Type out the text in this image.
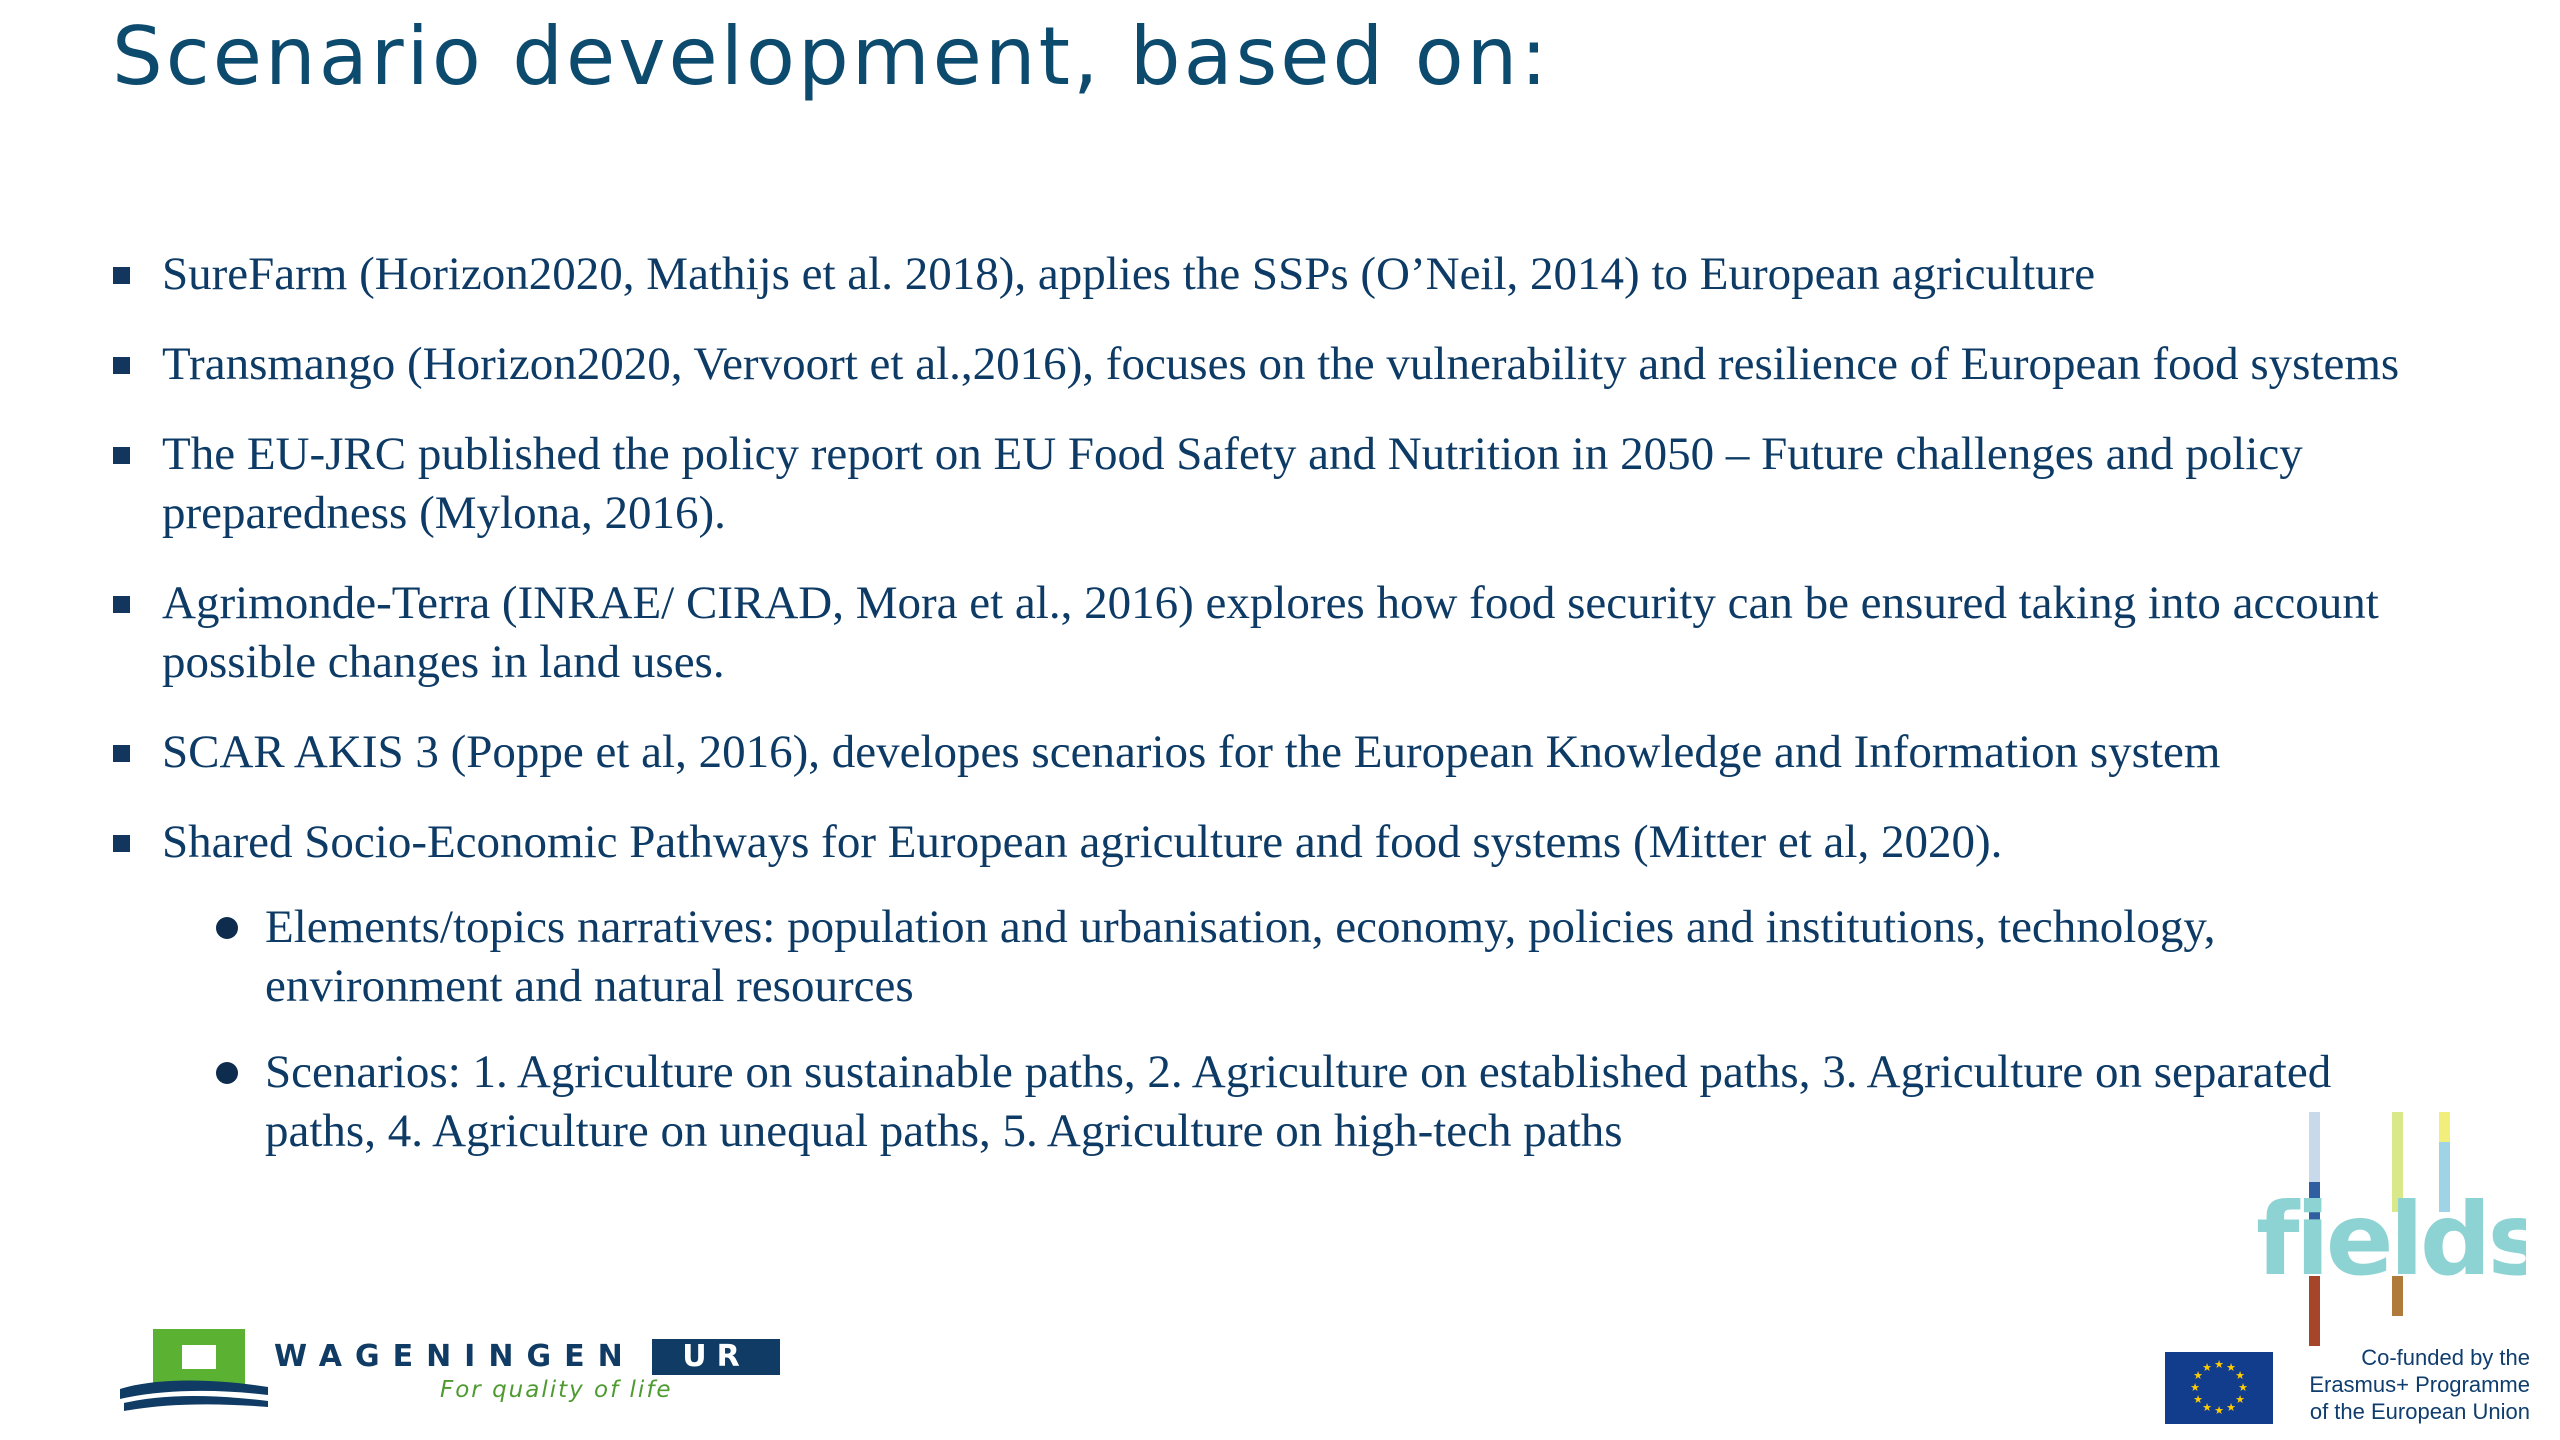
Scenario development, based on:
SureFarm (Horizon2020, Mathijs et al. 2018), applies the SSPs (O’Neil, 2014) to European agriculture
Transmango (Horizon2020, Vervoort et al.,2016), focuses on the vulnerability and resilience of European food systems
The EU-JRC published the policy report on EU Food Safety and Nutrition in 2050 – Future challenges and policy preparedness (Mylona, 2016).
Agrimonde-Terra (INRAE/ CIRAD, Mora et al., 2016) explores how food security can be ensured taking into account possible changes in land uses.
SCAR AKIS 3 (Poppe et al, 2016), developes scenarios for the European Knowledge and Information system
Shared Socio-Economic Pathways for European agriculture and food systems (Mitter et al, 2020).
Elements/topics narratives: population and urbanisation, economy, policies and institutions, technology, environment and natural resources
Scenarios: 1. Agriculture on sustainable paths, 2. Agriculture on established paths, 3. Agriculture on separated paths, 4. Agriculture on unequal paths, 5. Agriculture on high-tech paths
fields
WAGENINGEN	UR
For quality of life
★ ★
★
★
★
★
★
★
★
★
★
★	Co-funded by the
Erasmus+ Programme
of the European Union
